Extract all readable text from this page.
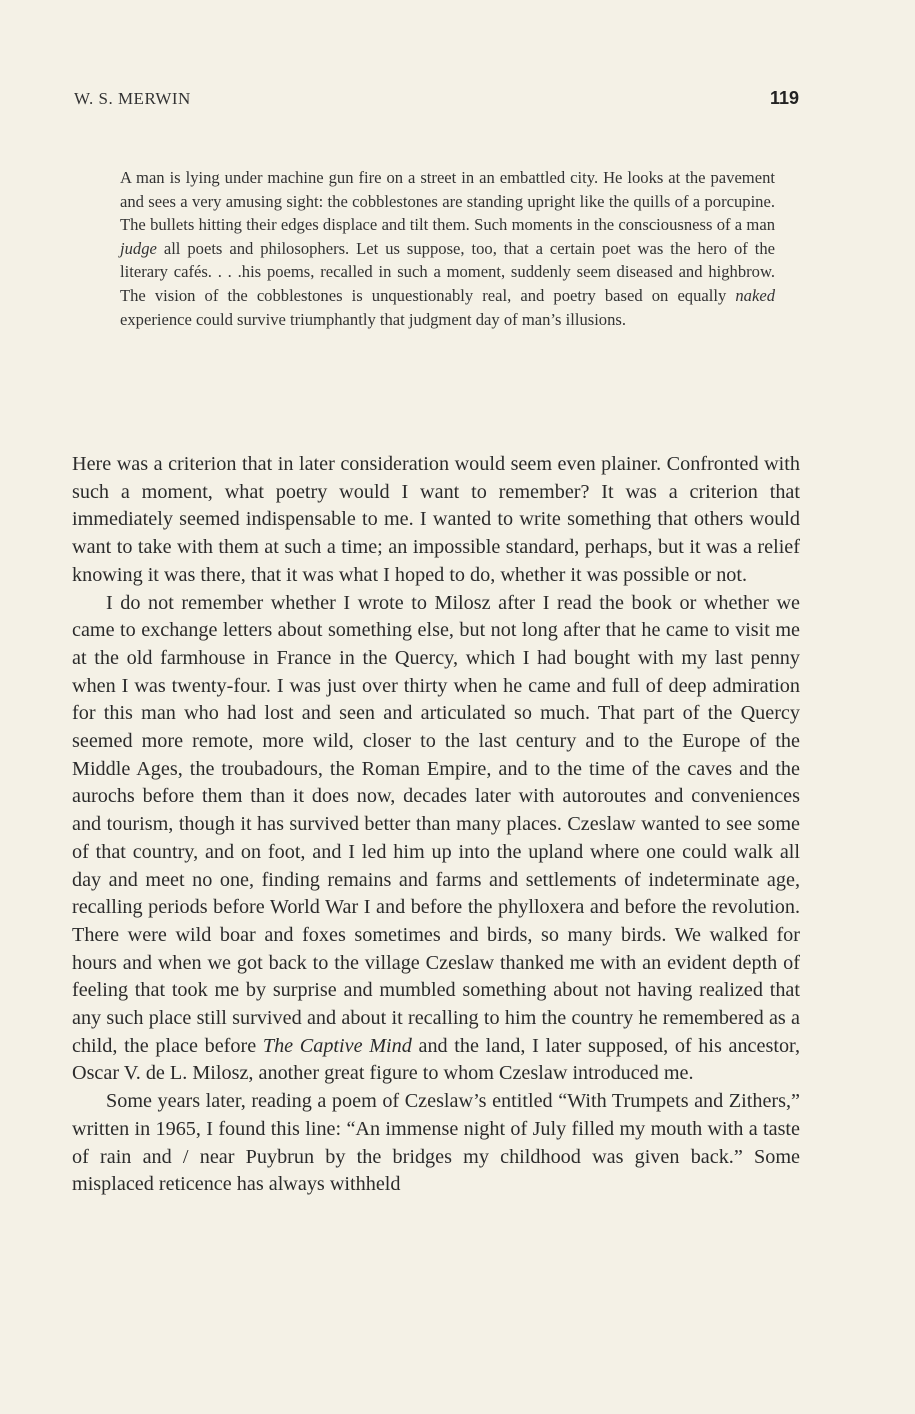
W. S. MERWIN	119

A man is lying under machine gun fire on a street in an embattled city. He looks at the pavement and sees a very amusing sight: the cobblestones are standing upright like the quills of a porcupine. The bullets hitting their edges displace and tilt them. Such moments in the consciousness of a man judge all poets and philosophers. Let us suppose, too, that a certain poet was the hero of the literary cafés. . . .his poems, recalled in such a moment, suddenly seem diseased and highbrow. The vision of the cobblestones is unquestionably real, and poetry based on equally naked experience could survive triumphantly that judgment day of man’s illusions.

Here was a criterion that in later consideration would seem even plainer. Confronted with such a moment, what poetry would I want to remember? It was a criterion that immediately seemed indispensable to me. I wanted to write something that others would want to take with them at such a time; an impossible standard, perhaps, but it was a relief knowing it was there, that it was what I hoped to do, whether it was possible or not.

I do not remember whether I wrote to Milosz after I read the book or whether we came to exchange letters about something else, but not long after that he came to visit me at the old farmhouse in France in the Quercy, which I had bought with my last penny when I was twenty-four. I was just over thirty when he came and full of deep admiration for this man who had lost and seen and articulated so much. That part of the Quercy seemed more remote, more wild, closer to the last century and to the Europe of the Middle Ages, the troubadours, the Roman Empire, and to the time of the caves and the aurochs before them than it does now, decades later with autoroutes and conveniences and tourism, though it has survived better than many places. Czeslaw wanted to see some of that country, and on foot, and I led him up into the upland where one could walk all day and meet no one, finding remains and farms and settlements of indeterminate age, recalling periods before World War I and before the phylloxera and before the revolution. There were wild boar and foxes sometimes and birds, so many birds. We walked for hours and when we got back to the village Czeslaw thanked me with an evident depth of feeling that took me by surprise and mumbled something about not having realized that any such place still survived and about it recalling to him the country he remembered as a child, the place before The Captive Mind and the land, I later supposed, of his ancestor, Oscar V. de L. Milosz, another great figure to whom Czeslaw introduced me.

Some years later, reading a poem of Czeslaw’s entitled “With Trumpets and Zithers,” written in 1965, I found this line: “An immense night of July filled my mouth with a taste of rain and / near Puybrun by the bridges my childhood was given back.” Some misplaced reticence has always withheld
